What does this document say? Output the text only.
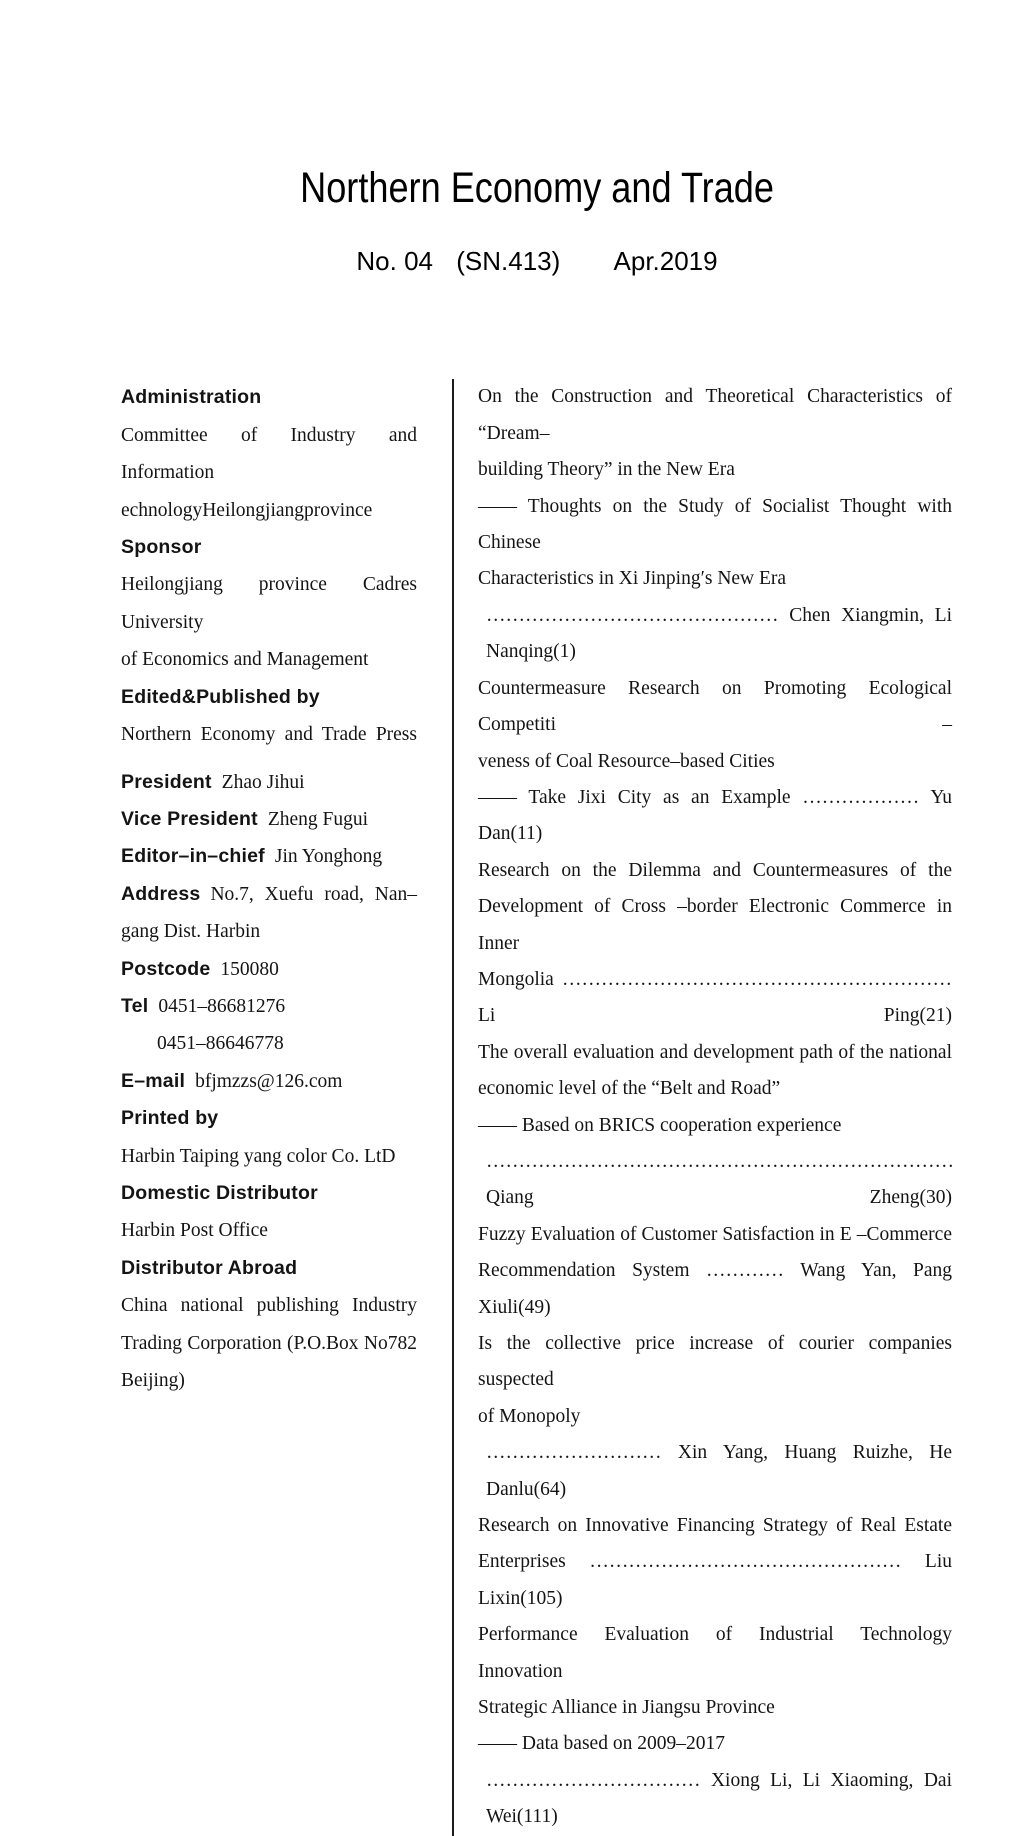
Northern Economy and Trade
No. 04 (SN.413) Apr.2019
Administration
Committee of Industry and Information
echnologyHeilongjiangprovince
Sponsor
Heilongjiang province Cadres University
of Economics and Management
Edited&Published by
Northern Economy and Trade Press
President Zhao Jihui
Vice President Zheng Fugui
Editor–in–chief Jin Yonghong
Address No.7, Xuefu road, Nan–
gang Dist. Harbin
Postcode 150080
Tel 0451–86681276
0451–86646778
E–mail bfjmzzs@126.com
Printed by
Harbin Taiping yang color Co. LtD
Domestic Distributor
Harbin Post Office
Distributor Abroad
China national publishing Industry
Trading Corporation (P.O.Box No782
Beijing)
On the Construction and Theoretical Characteristics of “Dream–
building Theory” in the New Era
—— Thoughts on the Study of Socialist Thought with Chinese
Characteristics in Xi Jinping′s New Era
……………………………………… Chen Xiangmin, Li Nanqing(1)
Countermeasure Research on Promoting Ecological Competiti –
veness of Coal Resource–based Cities
—— Take Jixi City as an Example ……………… Yu Dan(11)
Research on the Dilemma and Countermeasures of the
Development of Cross –border Electronic Commerce in Inner
Mongolia …………………………………………………… Li Ping(21)
The overall evaluation and development path of the national
economic level of the “Belt and Road”
—— Based on BRICS cooperation experience
……………………………………………………………… Qiang Zheng(30)
Fuzzy Evaluation of Customer Satisfaction in E –Commerce
Recommendation System ………… Wang Yan, Pang Xiuli(49)
Is the collective price increase of courier companies suspected
of Monopoly
……………………… Xin Yang, Huang Ruizhe, He Danlu(64)
Research on Innovative Financing Strategy of Real Estate
Enterprises ………………………………………… Liu Lixin(105)
Performance Evaluation of Industrial Technology Innovation
Strategic Alliance in Jiangsu Province
—— Data based on 2009–2017
…………………………… Xiong Li, Li Xiaoming, Dai Wei(111)
